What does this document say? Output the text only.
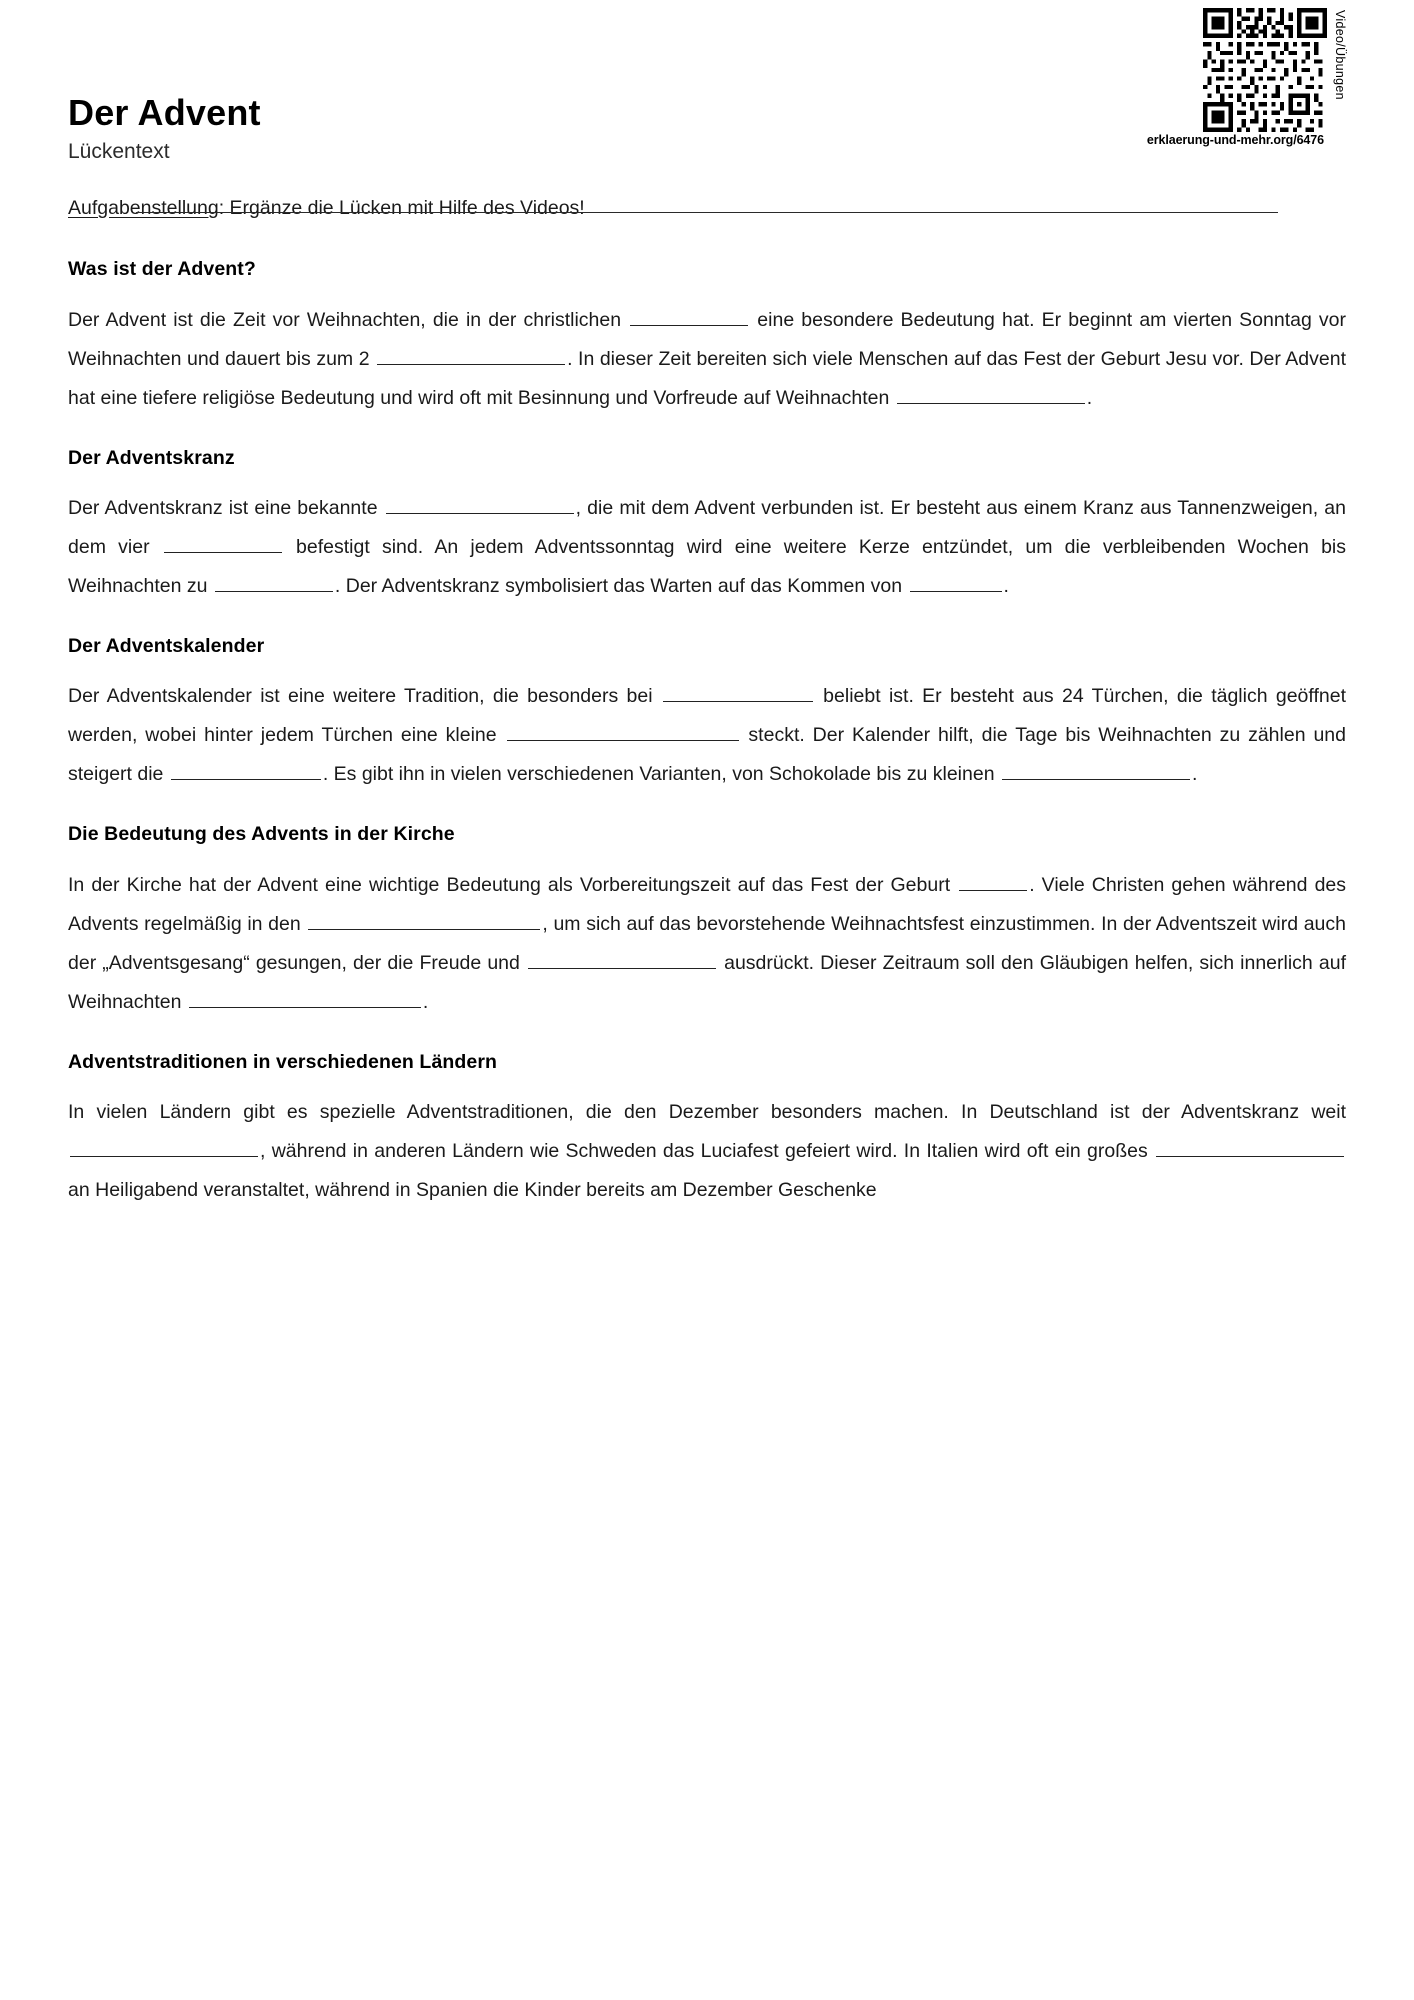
Der Advent
Lückentext
Video/Übungen
erklaerung-und-mehr.org/6476
Aufgabenstellung: Ergänze die Lücken mit Hilfe des Videos!
Was ist der Advent?

Der Advent ist die Zeit vor Weihnachten, die in der christlichen	eine besondere Bedeutung hat. Er beginnt am vierten Sonntag vor Weihnachten und dauert bis zum 2	. In dieser Zeit bereiten sich viele Menschen auf das Fest der Geburt Jesu vor. Der Advent hat eine tiefere religiöse Bedeutung und wird oft mit Besinnung und Vorfreude auf Weihnachten	.

Der Adventskranz

Der Adventskranz ist eine bekannte	, die mit dem Advent verbunden ist. Er besteht aus einem Kranz aus Tannenzweigen, an dem vier	befestigt sind. An jedem Adventssonntag wird eine weitere Kerze entzündet, um die verbleibenden Wochen bis Weihnachten zu	. Der Adventskranz symbolisiert das Warten auf das Kommen von	.

Der Adventskalender

Der Adventskalender ist eine weitere Tradition, die besonders bei	beliebt ist. Er besteht aus 24 Türchen, die täglich geöffnet werden, wobei hinter jedem Türchen eine kleine	steckt. Der Kalender hilft, die Tage bis Weihnachten zu zählen und steigert die	. Es gibt ihn in vielen verschiedenen Varianten, von Schokolade bis zu kleinen	.

Die Bedeutung des Advents in der Kirche

In der Kirche hat der Advent eine wichtige Bedeutung als Vorbereitungszeit auf das Fest der Geburt	. Viele Christen gehen während des Advents regelmäßig in den	, um sich auf das bevorstehende Weihnachtsfest einzustimmen. In der Adventszeit wird auch der „Adventsgesang“ gesungen, der die Freude und	ausdrückt. Dieser Zeitraum soll den Gläubigen helfen, sich innerlich auf Weihnachten	.

Adventstraditionen in verschiedenen Ländern

In vielen Ländern gibt es spezielle Adventstraditionen, die den Dezember besonders machen. In Deutschland ist der Adventskranz weit , während in anderen Ländern wie Schweden das Luciafest gefeiert wird. In Italien wird oft ein großes  an Heiligabend veranstaltet, während in Spanien die Kinder bereits am Dezember Geschenke
